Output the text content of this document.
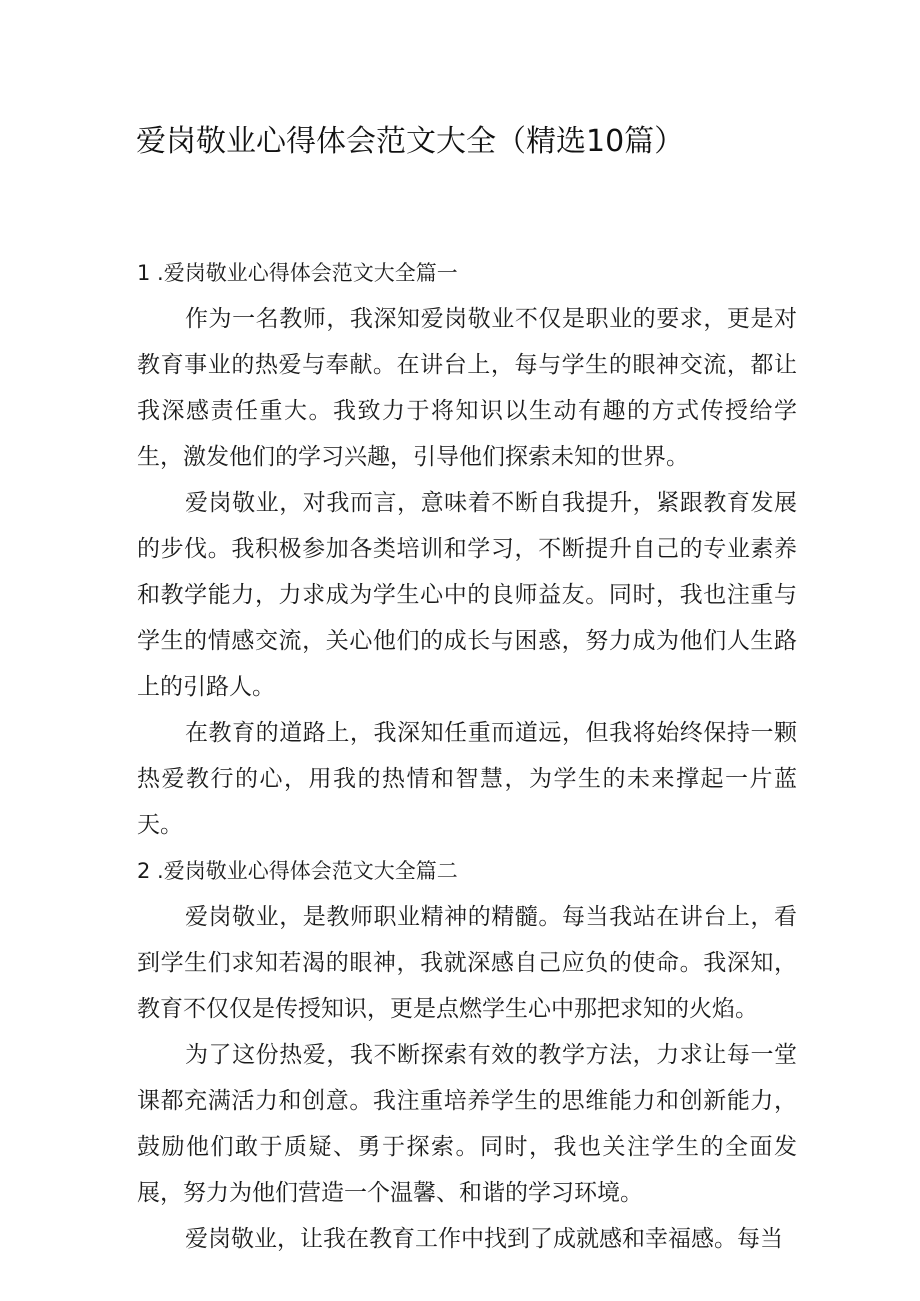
爱岗敬业心得体会范文大全（精选10篇）
1 .爱岗敬业心得体会范文大全篇一

作为一名教师，我深知爱岗敬业不仅是职业的要求，更是对教育事业的热爱与奉献。在讲台上，每与学生的眼神交流，都让我深感责任重大。我致力于将知识以生动有趣的方式传授给学生，激发他们的学习兴趣，引导他们探索未知的世界。

爱岗敬业，对我而言，意味着不断自我提升，紧跟教育发展的步伐。我积极参加各类培训和学习，不断提升自己的专业素养和教学能力，力求成为学生心中的良师益友。同时，我也注重与学生的情感交流，关心他们的成长与困惑，努力成为他们人生路上的引路人。

在教育的道路上，我深知任重而道远，但我将始终保持一颗热爱教行的心，用我的热情和智慧，为学生的未来撑起一片蓝天。

2 .爱岗敬业心得体会范文大全篇二

爱岗敬业，是教师职业精神的精髓。每当我站在讲台上，看到学生们求知若渴的眼神，我就深感自己应负的使命。我深知，教育不仅仅是传授知识，更是点燃学生心中那把求知的火焰。

为了这份热爱，我不断探索有效的教学方法，力求让每一堂课都充满活力和创意。我注重培养学生的思维能力和创新能力，鼓励他们敢于质疑、勇于探索。同时，我也关注学生的全面发展，努力为他们营造一个温馨、和谐的学习环境。

爱岗敬业，让我在教育工作中找到了成就感和幸福感。每当
